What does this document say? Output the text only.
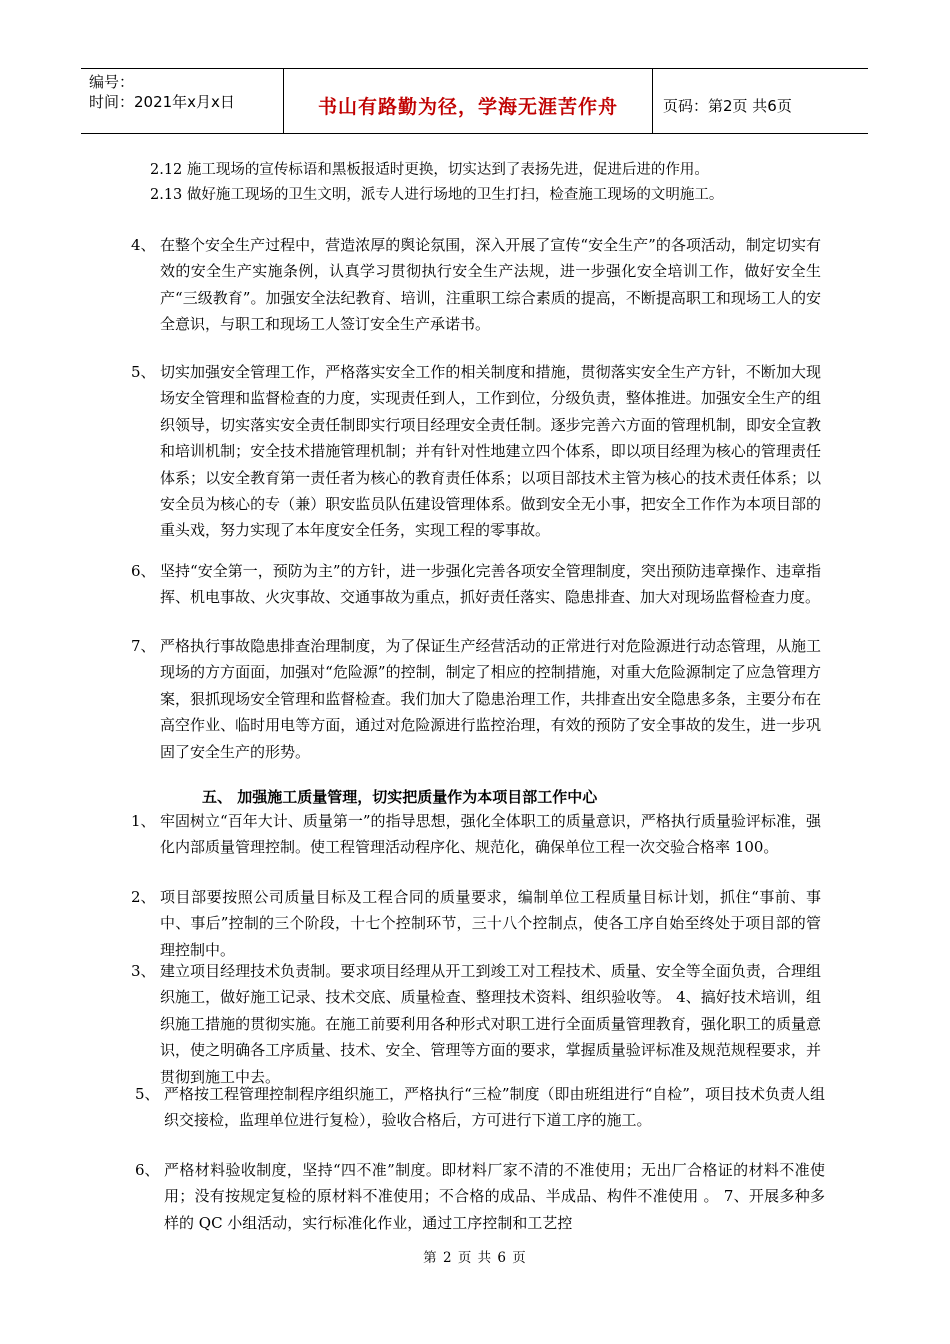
编号：
时间：2021年x月x日	书山有路勤为径，学海无涯苦作舟	页码：第2页 共6页
2.12 施工现场的宣传标语和黑板报适时更换，切实达到了表扬先进，促进后进的作用。
2.13 做好施工现场的卫生文明，派专人进行场地的卫生打扫，检查施工现场的文明施工。
4、 在整个安全生产过程中，营造浓厚的舆论氛围，深入开展了宣传“安全生产”的各项活动，制定切实有效的安全生产实施条例，认真学习贯彻执行安全生产法规，进一步强化安全培训工作，做好安全生产“三级教育”。加强安全法纪教育、培训，注重职工综合素质的提高，不断提高职工和现场工人的安全意识，与职工和现场工人签订安全生产承诺书。
5、 切实加强安全管理工作，严格落实安全工作的相关制度和措施，贯彻落实安全生产方针，不断加大现场安全管理和监督检查的力度，实现责任到人，工作到位，分级负责，整体推进。加强安全生产的组织领导，切实落实安全责任制即实行项目经理安全责任制。逐步完善六方面的管理机制，即安全宣教和培训机制；安全技术措施管理机制；并有针对性地建立四个体系，即以项目经理为核心的管理责任体系；以安全教育第一责任者为核心的教育责任体系；以项目部技术主管为核心的技术责任体系；以安全员为核心的专（兼）职安监员队伍建设管理体系。做到安全无小事，把安全工作作为本项目部的重头戏，努力实现了本年度安全任务，实现工程的零事故。
6、 坚持“安全第一，预防为主”的方针，进一步强化完善各项安全管理制度，突出预防违章操作、违章指挥、机电事故、火灾事故、交通事故为重点，抓好责任落实、隐患排查、加大对现场监督检查力度。
7、 严格执行事故隐患排查治理制度，为了保证生产经营活动的正常进行对危险源进行动态管理，从施工现场的方方面面，加强对“危险源”的控制，制定了相应的控制措施，对重大危险源制定了应急管理方案，狠抓现场安全管理和监督检查。我们加大了隐患治理工作，共排查出安全隐患多条，主要分布在高空作业、临时用电等方面，通过对危险源进行监控治理，有效的预防了安全事故的发生，进一步巩固了安全生产的形势。
五、 加强施工质量管理，切实把质量作为本项目部工作中心
1、 牢固树立“百年大计、质量第一”的指导思想，强化全体职工的质量意识，严格执行质量验评标准，强化内部质量管理控制。使工程管理活动程序化、规范化，确保单位工程一次交验合格率 100。
2、 项目部要按照公司质量目标及工程合同的质量要求，编制单位工程质量目标计划，抓住“事前、事中、事后”控制的三个阶段，十七个控制环节，三十八个控制点，使各工序自始至终处于项目部的管理控制中。
3、 建立项目经理技术负责制。要求项目经理从开工到竣工对工程技术、质量、安全等全面负责，合理组织施工，做好施工记录、技术交底、质量检查、整理技术资料、组织验收等。 4、搞好技术培训，组织施工措施的贯彻实施。在施工前要利用各种形式对职工进行全面质量管理教育，强化职工的质量意识，使之明确各工序质量、技术、安全、管理等方面的要求，掌握质量验评标准及规范规程要求，并贯彻到施工中去。
5、 严格按工程管理控制程序组织施工，严格执行“三检”制度（即由班组进行“自检”，项目技术负责人组织交接检，监理单位进行复检），验收合格后，方可进行下道工序的施工。
6、 严格材料验收制度，坚持“四不准”制度。即材料厂家不清的不准使用；无出厂合格证的材料不准使用；没有按规定复检的原材料不准使用；不合格的成品、半成品、构件不准使用 。 7、开展多种多样的 QC 小组活动，实行标准化作业，通过工序控制和工艺控
第 2 页 共 6 页
